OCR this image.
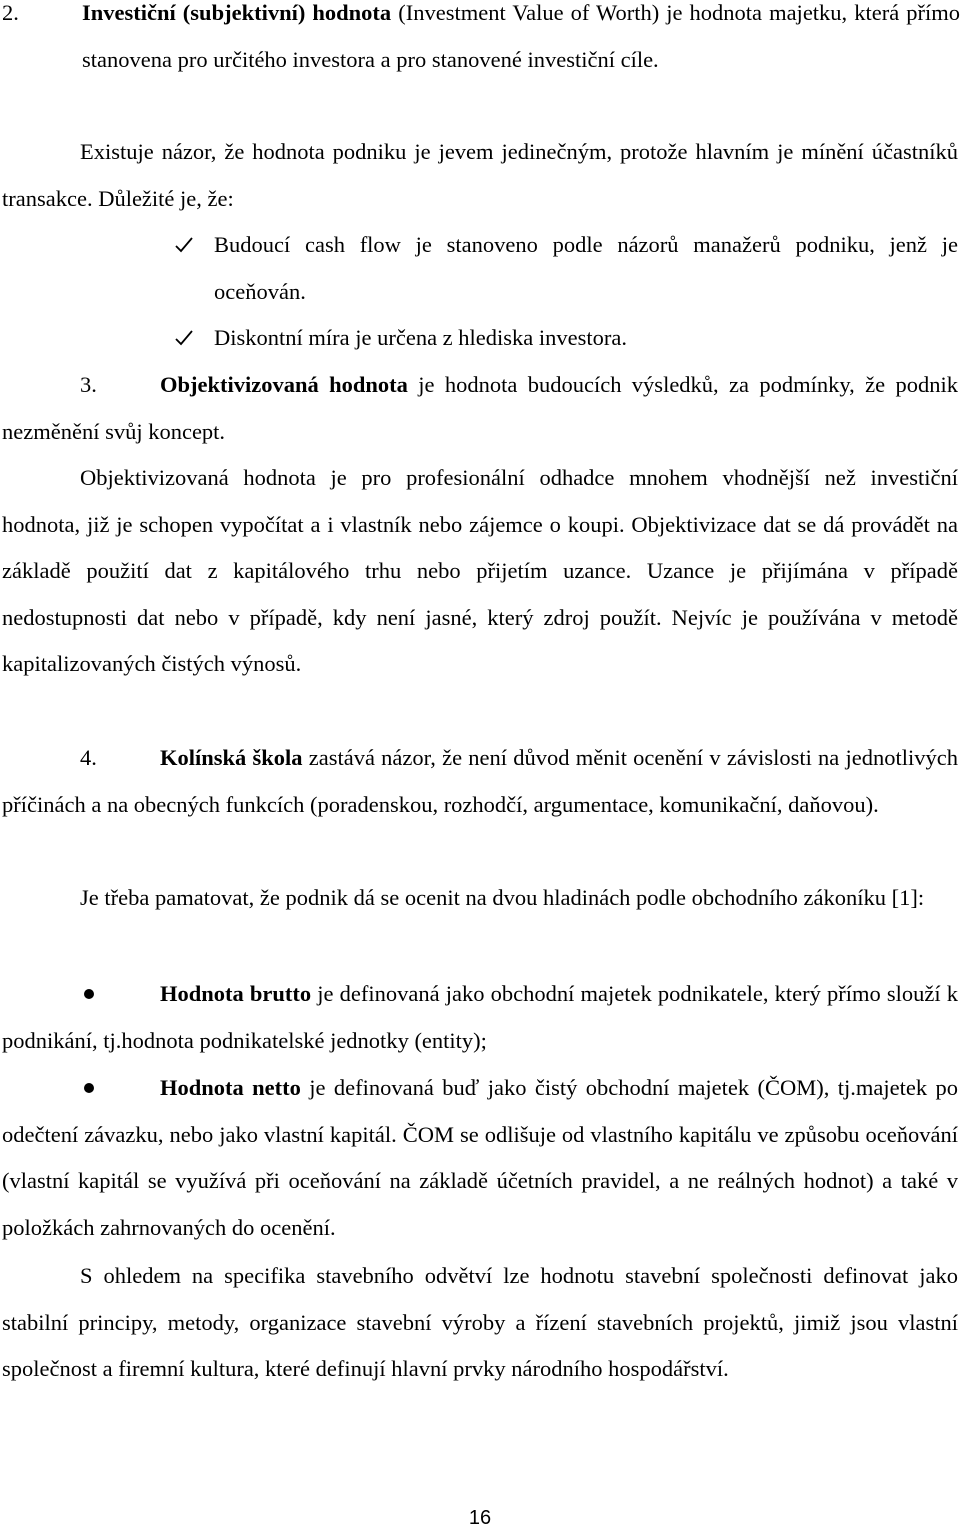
2.	Investiční (subjektivní) hodnota (Investment Value of Worth) je hodnota majetku, která přímo stanovena pro určitého investora a pro stanovené investiční cíle.

Existuje názor, že hodnota podniku je jevem jedinečným, protože hlavním je mínění účastníků transakce. Důležité je, že:

Budoucí cash flow je stanoveno podle názorů manažerů podniku, jenž je oceňován.
Diskontní míra je určena z hlediska investora.

3.	Objektivizovaná hodnota je hodnota budoucích výsledků, za podmínky, že podnik nezměnění svůj koncept.

Objektivizovaná hodnota je pro profesionální odhadce mnohem vhodnější než investiční hodnota, již je schopen vypočítat a i vlastník nebo zájemce o koupi. Objektivizace dat se dá provádět na základě použití dat z kapitálového trhu nebo přijetím uzance. Uzance je přijímána v případě nedostupnosti dat nebo v případě, kdy není jasné, který zdroj použít. Nejvíc je používána v metodě kapitalizovaných čistých výnosů.

4.	Kolínská škola zastává názor, že není důvod měnit ocenění v závislosti na jednotlivých příčinách a na obecných funkcích (poradenskou, rozhodčí, argumentace, komunikační, daňovou).

Je třeba pamatovat, že podnik dá se ocenit na dvou hladinách podle obchodního zákoníku [1]:

Hodnota brutto je definovaná jako obchodní majetek podnikatele, který přímo slouží k podnikání, tj.hodnota podnikatelské jednotky (entity);

Hodnota netto je definovaná buď jako čistý obchodní majetek (ČOM), tj.majetek po odečtení závazku, nebo jako vlastní kapitál. ČOM se odlišuje od vlastního kapitálu ve způsobu oceňování (vlastní kapitál se využívá při oceňování na základě účetních pravidel, a ne reálných hodnot) a také v položkách zahrnovaných do ocenění.

S ohledem na specifika stavebního odvětví lze hodnotu stavební společnosti definovat jako stabilní principy, metody, organizace stavební výroby a řízení stavebních projektů, jimiž jsou vlastní společnost a firemní kultura, které definují hlavní prvky národního hospodářství.

16
